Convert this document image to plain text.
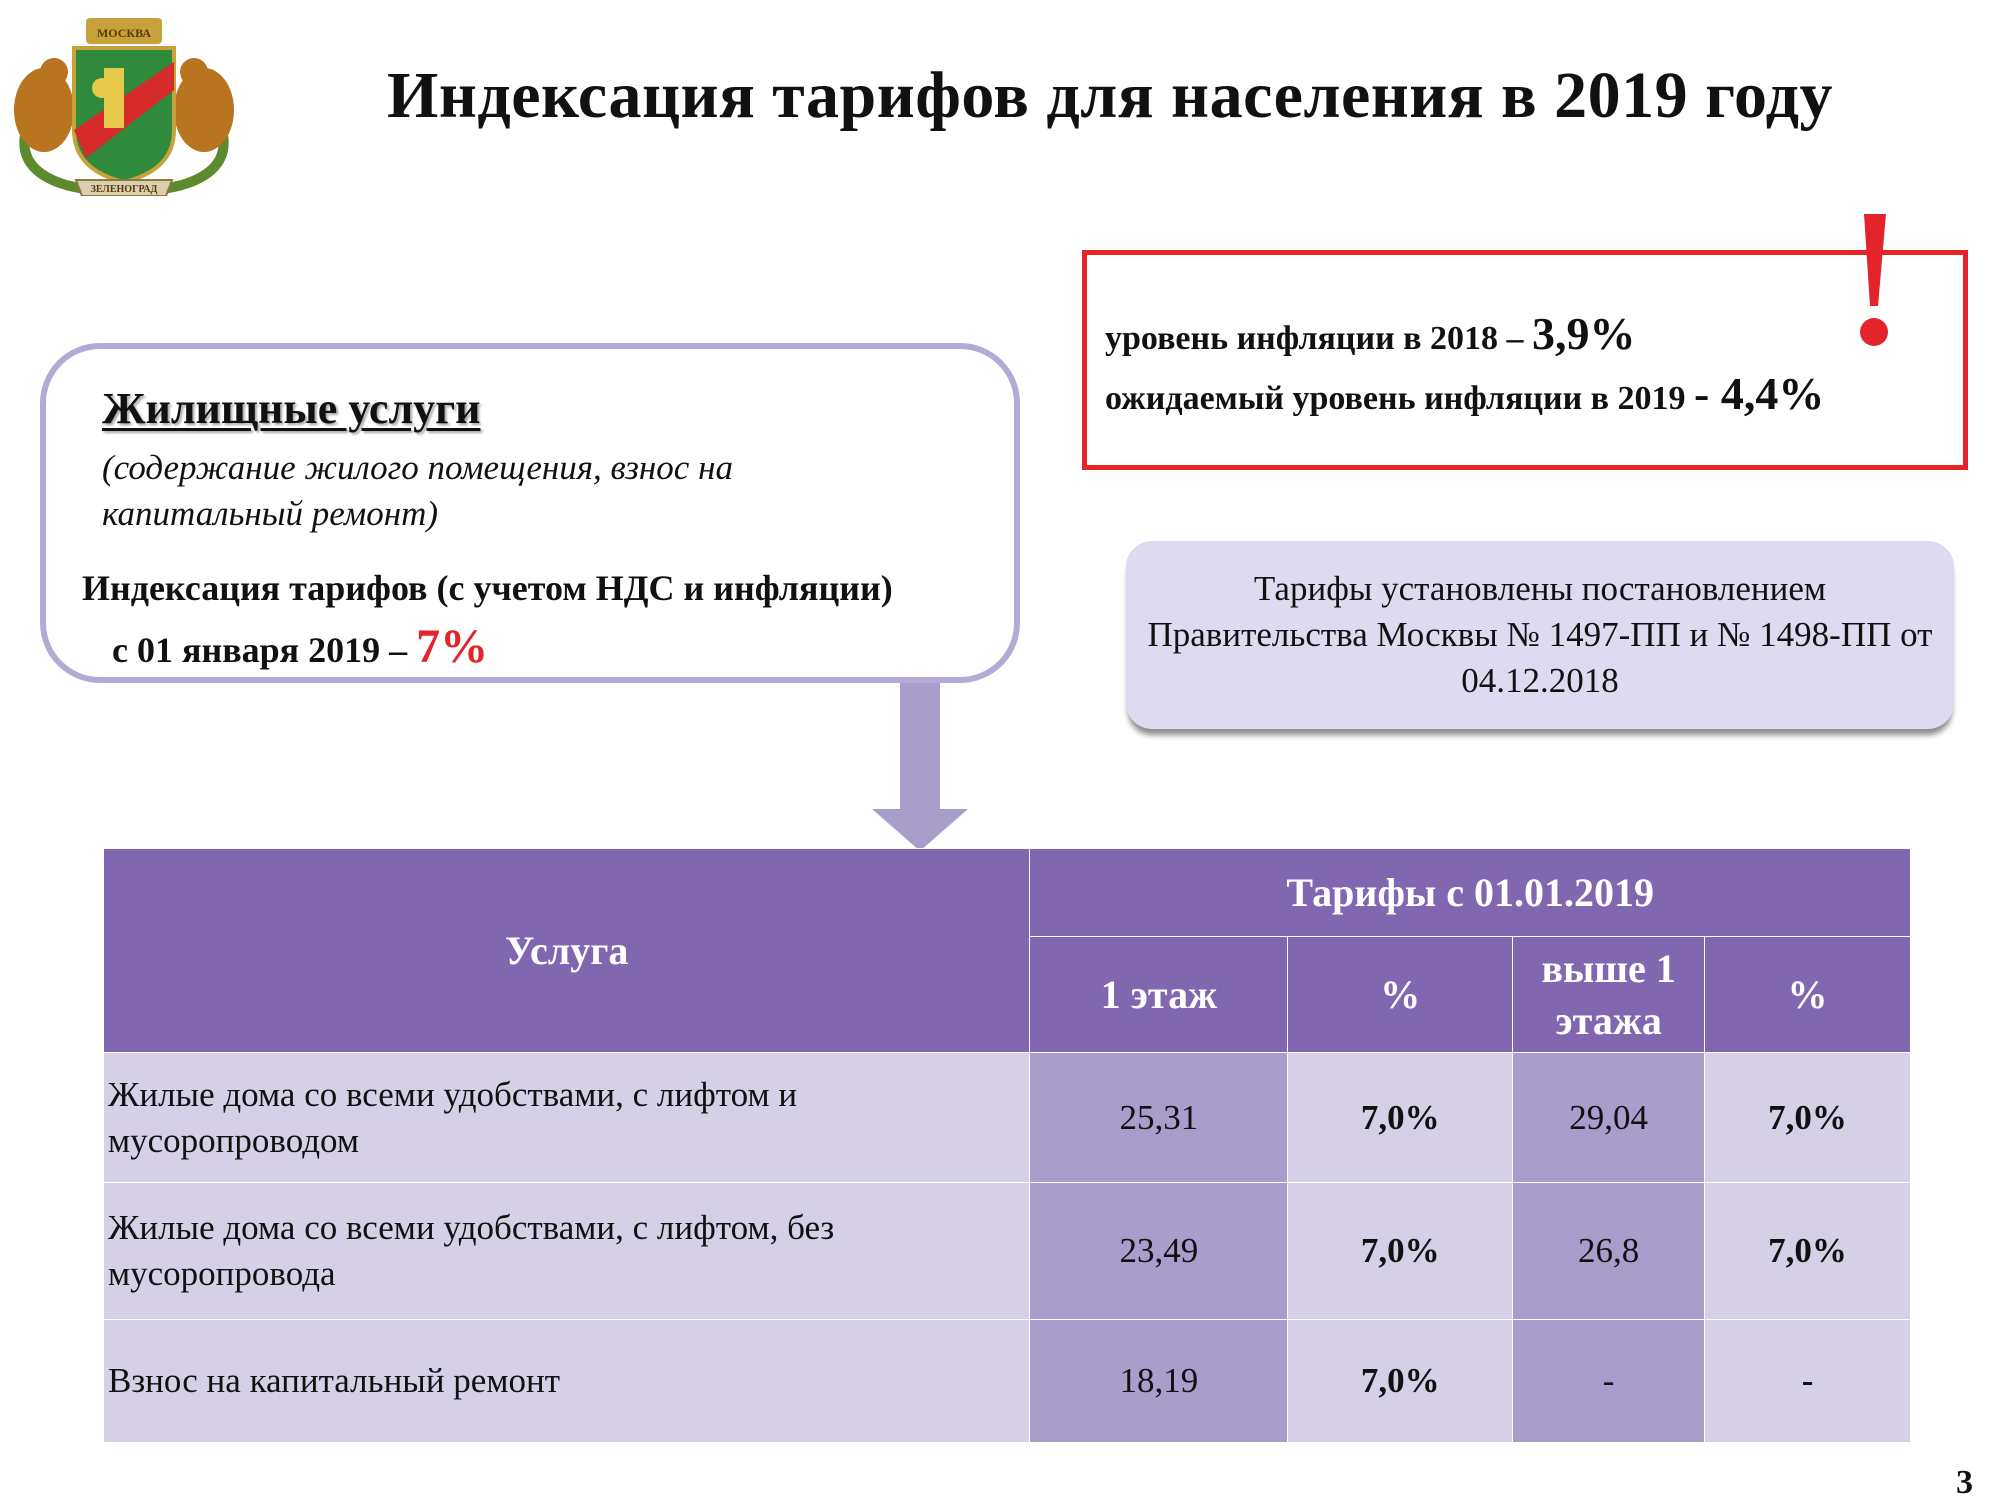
МОСКВА
ЗЕЛЕНОГРАД
Индексация тарифов для населения в 2019 году
уровень инфляции в 2018 – 3,9%
ожидаемый уровень инфляции в 2019 - 4,4%
Жилищные услуги
(содержание жилого помещения, взнос на капитальный ремонт)
Индексация тарифов (с учетом НДС и инфляции)
с 01 января 2019 – 7%
Тарифы установлены постановлением Правительства Москвы № 1497-ПП и № 1498-ПП от 04.12.2018
Услуга	Тарифы с 01.01.2019			
	1 этаж	%	выше 1 этажа	%
Жилые дома со всеми удобствами, с лифтом и мусоропроводом	25,31	7,0%	29,04	7,0%
Жилые дома со всеми удобствами, с лифтом, без мусоропровода	23,49	7,0%	26,8	7,0%
Взнос на капитальный ремонт	18,19	7,0%	-	-
3
